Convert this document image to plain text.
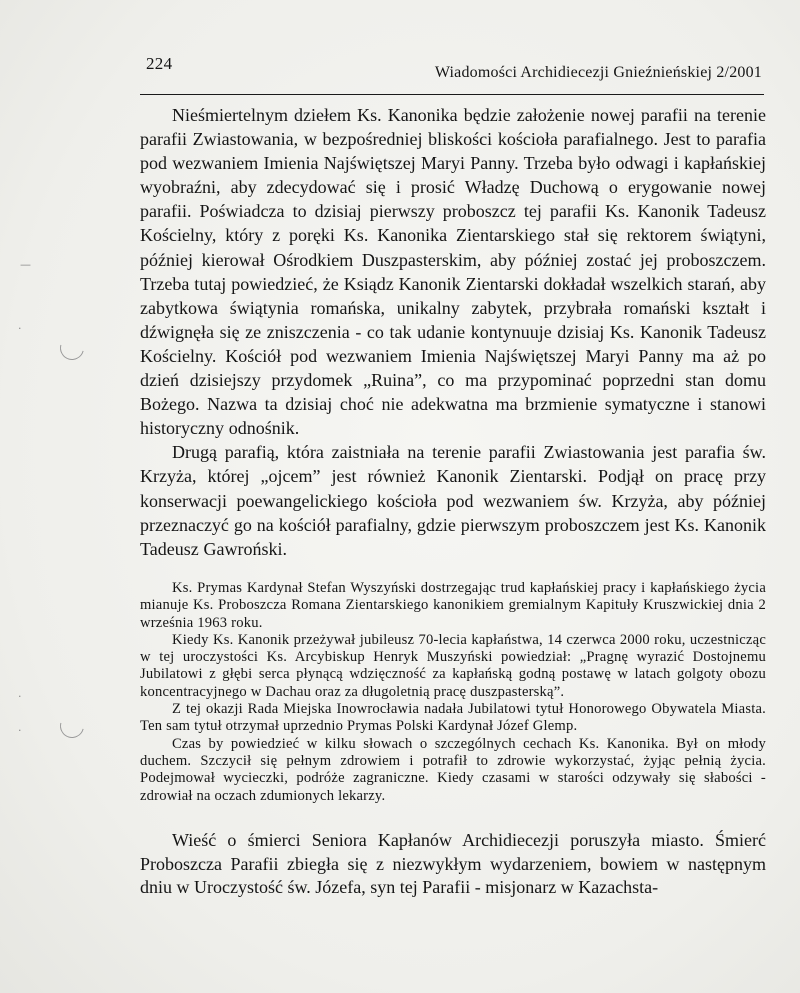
—
·
·
·
224	Wiadomości Archidiecezji Gnieźnieńskiej 2/2001

Nieśmiertelnym dziełem Ks. Kanonika będzie założenie nowej parafii na terenie parafii Zwiastowania, w bezpośredniej bliskości kościoła parafialnego. Jest to parafia pod wezwaniem Imienia Najświętszej Maryi Panny. Trzeba było odwagi i kapłańskiej wyobraźni, aby zdecydować się i prosić Władzę Duchową o erygowanie nowej parafii. Poświadcza to dzisiaj pierwszy proboszcz tej parafii Ks. Kanonik Tadeusz Kościelny, który z poręki Ks. Kanonika Zientarskiego stał się rektorem świątyni, później kierował Ośrodkiem Duszpasterskim, aby później zostać jej proboszczem. Trzeba tutaj powiedzieć, że Ksiądz Kanonik Zientarski dokładał wszelkich starań, aby zabytkowa świątynia romańska, unikalny zabytek, przybrała romański kształt i dźwignęła się ze zniszczenia - co tak udanie kontynuuje dzisiaj Ks. Kanonik Tadeusz Kościelny. Kościół pod wezwaniem Imienia Najświętszej Maryi Panny ma aż po dzień dzisiejszy przydomek „Ruina”, co ma przypominać poprzedni stan domu Bożego. Nazwa ta dzisiaj choć nie adekwatna ma brzmienie symatyczne i stanowi historyczny odnośnik.

Drugą parafią, która zaistniała na terenie parafii Zwiastowania jest parafia św. Krzyża, której „ojcem” jest również Kanonik Zientarski. Podjął on pracę przy konserwacji poewangelickiego kościoła pod wezwaniem św. Krzyża, aby później przeznaczyć go na kościół parafialny, gdzie pierwszym proboszczem jest Ks. Kanonik Tadeusz Gawroński.

Ks. Prymas Kardynał Stefan Wyszyński dostrzegając trud kapłańskiej pracy i kapłańskiego życia mianuje Ks. Proboszcza Romana Zientarskiego kanonikiem gremialnym Kapituły Kruszwickiej dnia 2 września 1963 roku.

Kiedy Ks. Kanonik przeżywał jubileusz 70-lecia kapłaństwa, 14 czerwca 2000 roku, uczestnicząc w tej uroczystości Ks. Arcybiskup Henryk Muszyński powiedział: „Pragnę wyrazić Dostojnemu Jubilatowi z głębi serca płynącą wdzięczność za kapłańską godną postawę w latach golgoty obozu koncentracyjnego w Dachau oraz za długoletnią pracę duszpasterską”.

Z tej okazji Rada Miejska Inowrocławia nadała Jubilatowi tytuł Honorowego Obywatela Miasta. Ten sam tytuł otrzymał uprzednio Prymas Polski Kardynał Józef Glemp.

Czas by powiedzieć w kilku słowach o szczególnych cechach Ks. Kanonika. Był on młody duchem. Szczycił się pełnym zdrowiem i potrafił to zdrowie wykorzystać, żyjąc pełnią życia. Podejmował wycieczki, podróże zagraniczne. Kiedy czasami w starości odzywały się słabości - zdrowiał na oczach zdumionych lekarzy.

Wieść o śmierci Seniora Kapłanów Archidiecezji poruszyła miasto. Śmierć Proboszcza Parafii zbiegła się z niezwykłym wydarzeniem, bowiem w następnym dniu w Uroczystość św. Józefa, syn tej Parafii - misjonarz w Kazachsta-
